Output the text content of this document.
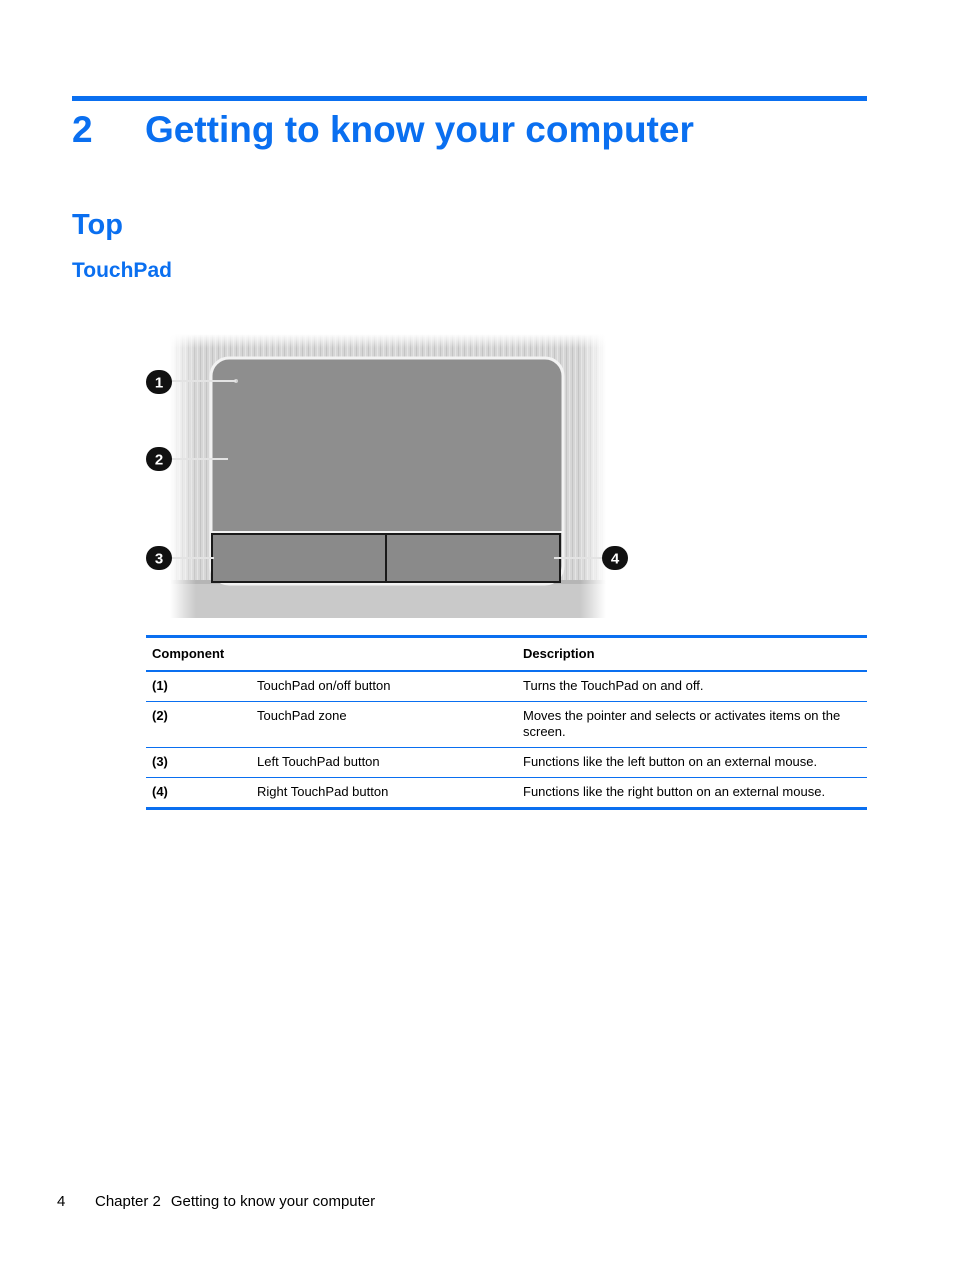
2 Getting to know your computer
Top
TouchPad
1
2
3	4
Component		Description
(1)	TouchPad on/off button	Turns the TouchPad on and off.
(2)	TouchPad zone	Moves the pointer and selects or activates items on the screen.
(3)	Left TouchPad button	Functions like the left button on an external mouse.
(4)	Right TouchPad button	Functions like the right button on an external mouse.
4 Chapter 2 Getting to know your computer
